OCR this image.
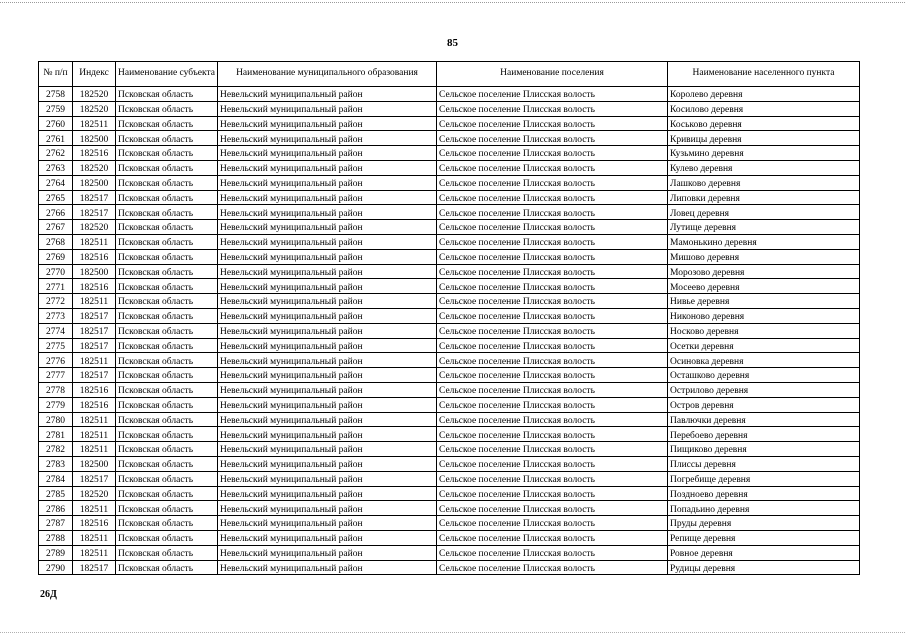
85
№ п/п	Индекс	Наименование субъекта	Наименование муниципального образования	Наименование поселения	Наименование населенного пункта
2758	182520	Псковская область	Невельский муниципальный район	Сельское поселение Плисская волость	Королево деревня
2759	182520	Псковская область	Невельский муниципальный район	Сельское поселение Плисская волость	Косилово деревня
2760	182511	Псковская область	Невельский муниципальный район	Сельское поселение Плисская волость	Коськово деревня
2761	182500	Псковская область	Невельский муниципальный район	Сельское поселение Плисская волость	Кривицы деревня
2762	182516	Псковская область	Невельский муниципальный район	Сельское поселение Плисская волость	Кузьмино деревня
2763	182520	Псковская область	Невельский муниципальный район	Сельское поселение Плисская волость	Кулево деревня
2764	182500	Псковская область	Невельский муниципальный район	Сельское поселение Плисская волость	Лашково деревня
2765	182517	Псковская область	Невельский муниципальный район	Сельское поселение Плисская волость	Липовки деревня
2766	182517	Псковская область	Невельский муниципальный район	Сельское поселение Плисская волость	Ловец деревня
2767	182520	Псковская область	Невельский муниципальный район	Сельское поселение Плисская волость	Лутище деревня
2768	182511	Псковская область	Невельский муниципальный район	Сельское поселение Плисская волость	Мамонькино деревня
2769	182516	Псковская область	Невельский муниципальный район	Сельское поселение Плисская волость	Мишово деревня
2770	182500	Псковская область	Невельский муниципальный район	Сельское поселение Плисская волость	Морозово деревня
2771	182516	Псковская область	Невельский муниципальный район	Сельское поселение Плисская волость	Мосеево деревня
2772	182511	Псковская область	Невельский муниципальный район	Сельское поселение Плисская волость	Нивье деревня
2773	182517	Псковская область	Невельский муниципальный район	Сельское поселение Плисская волость	Никоново деревня
2774	182517	Псковская область	Невельский муниципальный район	Сельское поселение Плисская волость	Носково деревня
2775	182517	Псковская область	Невельский муниципальный район	Сельское поселение Плисская волость	Осетки деревня
2776	182511	Псковская область	Невельский муниципальный район	Сельское поселение Плисская волость	Осиновка деревня
2777	182517	Псковская область	Невельский муниципальный район	Сельское поселение Плисская волость	Осташково деревня
2778	182516	Псковская область	Невельский муниципальный район	Сельское поселение Плисская волость	Острилово деревня
2779	182516	Псковская область	Невельский муниципальный район	Сельское поселение Плисская волость	Остров деревня
2780	182511	Псковская область	Невельский муниципальный район	Сельское поселение Плисская волость	Павлючки деревня
2781	182511	Псковская область	Невельский муниципальный район	Сельское поселение Плисская волость	Перебоево деревня
2782	182511	Псковская область	Невельский муниципальный район	Сельское поселение Плисская волость	Пищиково деревня
2783	182500	Псковская область	Невельский муниципальный район	Сельское поселение Плисская волость	Плиссы деревня
2784	182517	Псковская область	Невельский муниципальный район	Сельское поселение Плисская волость	Погребище деревня
2785	182520	Псковская область	Невельский муниципальный район	Сельское поселение Плисская волость	Поздноево деревня
2786	182511	Псковская область	Невельский муниципальный район	Сельское поселение Плисская волость	Попадьино деревня
2787	182516	Псковская область	Невельский муниципальный район	Сельское поселение Плисская волость	Пруды деревня
2788	182511	Псковская область	Невельский муниципальный район	Сельское поселение Плисская волость	Репище деревня
2789	182511	Псковская область	Невельский муниципальный район	Сельское поселение Плисская волость	Ровное деревня
2790	182517	Псковская область	Невельский муниципальный район	Сельское поселение Плисская волость	Рудицы деревня
26Д
